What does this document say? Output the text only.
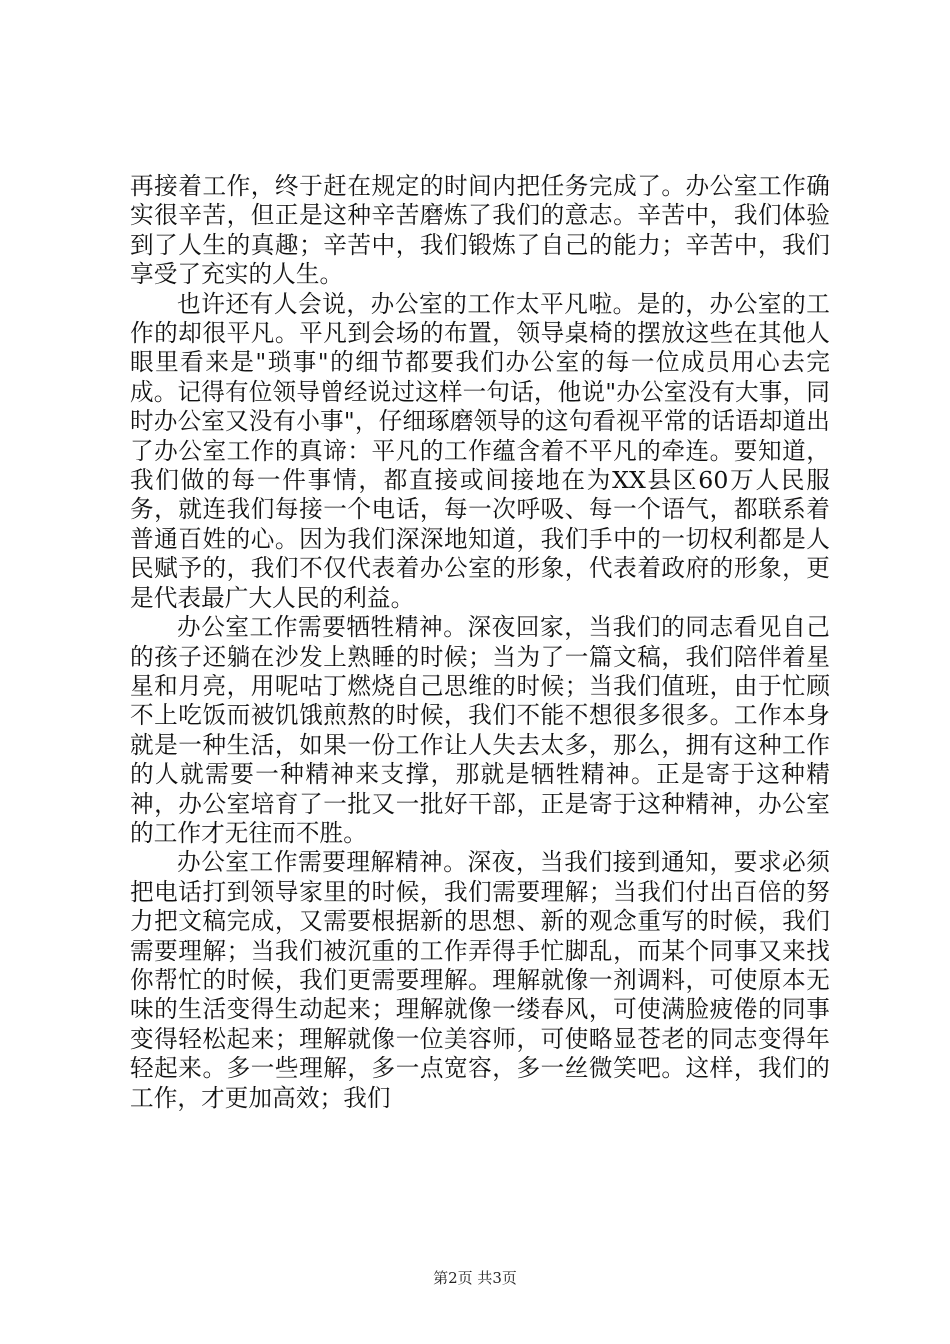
再接着工作，终于赶在规定的时间内把任务完成了。办公室工作确实很辛苦，但正是这种辛苦磨炼了我们的意志。辛苦中，我们体验到了人生的真趣；辛苦中，我们锻炼了自己的能力；辛苦中，我们享受了充实的人生。

也许还有人会说，办公室的工作太平凡啦。是的，办公室的工作的却很平凡。平凡到会场的布置，领导桌椅的摆放这些在其他人眼里看来是"琐事"的细节都要我们办公室的每一位成员用心去完成。记得有位领导曾经说过这样一句话，他说"办公室没有大事，同时办公室又没有小事"，仔细琢磨领导的这句看视平常的话语却道出了办公室工作的真谛：平凡的工作蕴含着不平凡的牵连。要知道，我们做的每一件事情，都直接或间接地在为XX县区60万人民服务，就连我们每接一个电话，每一次呼吸、每一个语气，都联系着普通百姓的心。因为我们深深地知道，我们手中的一切权利都是人民赋予的，我们不仅代表着办公室的形象，代表着政府的形象，更是代表最广大人民的利益。

办公室工作需要牺牲精神。深夜回家，当我们的同志看见自己的孩子还躺在沙发上熟睡的时候；当为了一篇文稿，我们陪伴着星星和月亮，用呢咕丁燃烧自己思维的时候；当我们值班，由于忙顾不上吃饭而被饥饿煎熬的时候，我们不能不想很多很多。工作本身就是一种生活，如果一份工作让人失去太多，那么，拥有这种工作的人就需要一种精神来支撑，那就是牺牲精神。正是寄于这种精神，办公室培育了一批又一批好干部，正是寄于这种精神，办公室的工作才无往而不胜。

办公室工作需要理解精神。深夜，当我们接到通知，要求必须把电话打到领导家里的时候，我们需要理解；当我们付出百倍的努力把文稿完成，又需要根据新的思想、新的观念重写的时候，我们需要理解；当我们被沉重的工作弄得手忙脚乱，而某个同事又来找你帮忙的时候，我们更需要理解。理解就像一剂调料，可使原本无味的生活变得生动起来；理解就像一缕春风，可使满脸疲倦的同事变得轻松起来；理解就像一位美容师，可使略显苍老的同志变得年轻起来。多一些理解，多一点宽容，多一丝微笑吧。这样，我们的工作，才更加高效；我们

第2页 共3页
